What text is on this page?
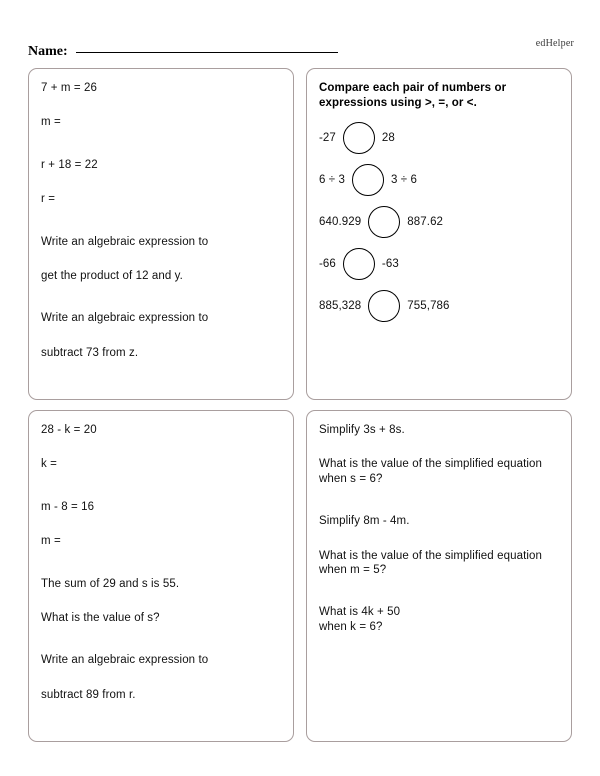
edHelper
Name:
7 + m = 26
m =
r + 18 = 22
r =
Write an algebraic expression to
get the product of 12 and y.
Write an algebraic expression to
subtract 73 from z.
Compare each pair of numbers or expressions using >, =, or <.
-27	28
6 ÷ 3	3 ÷ 6
640.929	887.62
-66	-63
885,328	755,786
28 - k = 20
k =
m - 8 = 16
m =
The sum of 29 and s is 55.
What is the value of s?
Write an algebraic expression to
subtract 89 from r.
Simplify 3s + 8s.
What is the value of the simplified equation
when s = 6?
Simplify 8m - 4m.
What is the value of the simplified equation
when m = 5?
What is 4k + 50
when k = 6?
